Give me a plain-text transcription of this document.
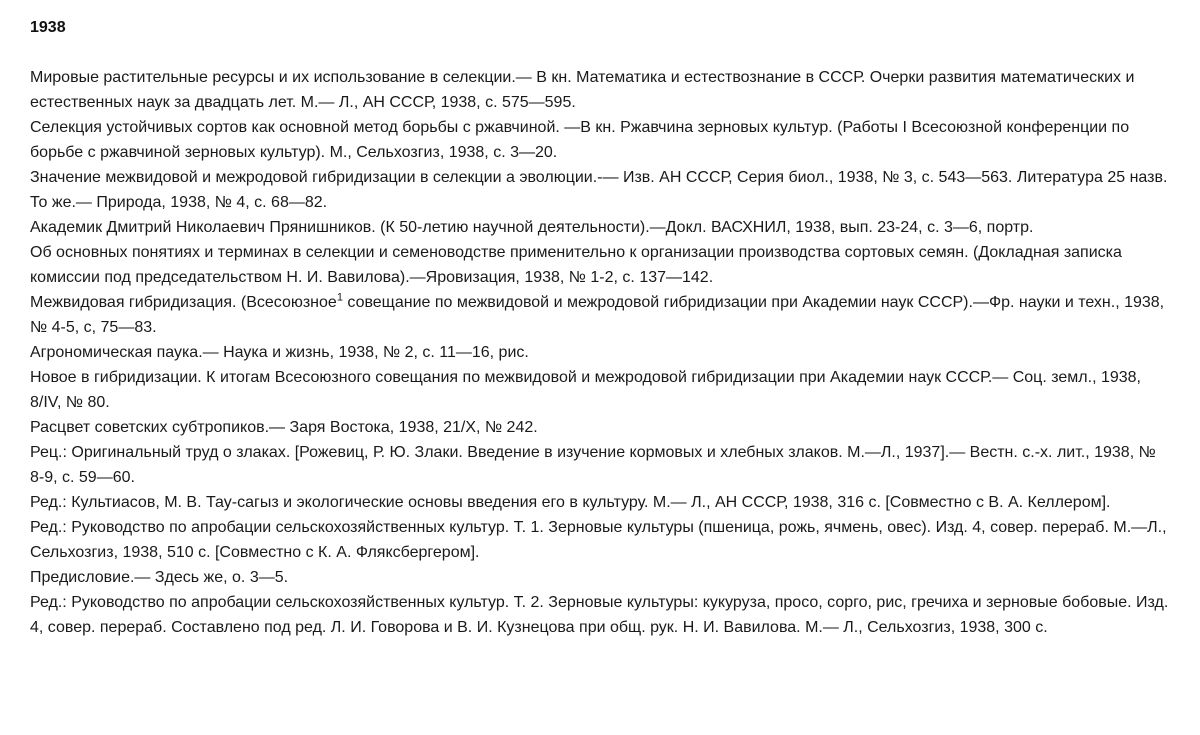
1938

Мировые растительные ресурсы и их использование в селекции.— В кн. Математика и естествознание в СССР. Очерки развития математических и естественных наук за двадцать лет. М.— Л., АН СССР, 1938, с. 575—595.

Селекция устойчивых сортов как основной метод борьбы с ржавчиной. —В кн. Ржавчина зерновых культур. (Работы I Всесоюзной конференции по борьбе с ржавчиной зерновых культур). М., Сельхозгиз, 1938, с. 3—20.

Значение межвидовой и межродовой гибридизации в селекции а эволюции.-— Изв. АН СССР, Серия биол., 1938, № 3, с. 543—563. Литература 25 назв.

То же.— Природа, 1938, № 4, с. 68—82.

Академик Дмитрий Николаевич Прянишников. (К 50-летию научной деятельности).—Докл. ВАСХНИЛ, 1938, вып. 23-24, с. 3—6, портр.

Об основных понятиях и терминах в селекции и семеноводстве применительно к организации производства сортовых семян. (Докладная записка комиссии под председательством Н. И. Вавилова).—Яровизация, 1938, № 1-2, с. 137—142.

Межвидовая гибридизация. (Всесоюзное$^1$ совещание по межвидовой и межродовой гибридизации при Академии наук СССР).—Фр. науки и техн., 1938, № 4-5, с, 75—83.

Агрономическая паука.— Наука и жизнь, 1938, № 2, с. 11—16, рис.

Новое в гибридизации. К итогам Всесоюзного совещания по межвидовой и межродовой гибридизации при Академии наук СССР.— Соц. земл., 1938, 8/IV, № 80.

Расцвет советских субтропиков.— Заря Востока, 1938, 21/X, № 242.

Рец.: Оригинальный труд о злаках. [Рожевиц, Р. Ю. Злаки. Введение в изучение кормовых и хлебных злаков. М.—Л., 1937].— Вестн. с.-х. лит., 1938, № 8-9, с. 59—60.

Ред.: Культиасов, М. В. Тау-сагыз и экологические основы введения его в культуру. М.— Л., АН СССР, 1938, 316 с. [Совместно с В. А. Келлером].

Ред.: Руководство по апробации сельскохозяйственных культур. Т. 1. Зерновые культуры (пшеница, рожь, ячмень, овес). Изд. 4, совер. перераб. М.—Л., Сельхозгиз, 1938, 510 с. [Совместно с К. А. Фляксбергером].

Предисловие.— Здесь же, о. 3—5.

Ред.: Руководство по апробации сельскохозяйственных культур. Т. 2. Зерновые культуры: кукуруза, просо, сорго, рис, гречиха и зерновые бобовые. Изд. 4, совер. перераб. Составлено под ред. Л. И. Говорова и В. И. Кузнецова при общ. рук. Н. И. Вавилова. М.— Л., Сельхозгиз, 1938, 300 с.
